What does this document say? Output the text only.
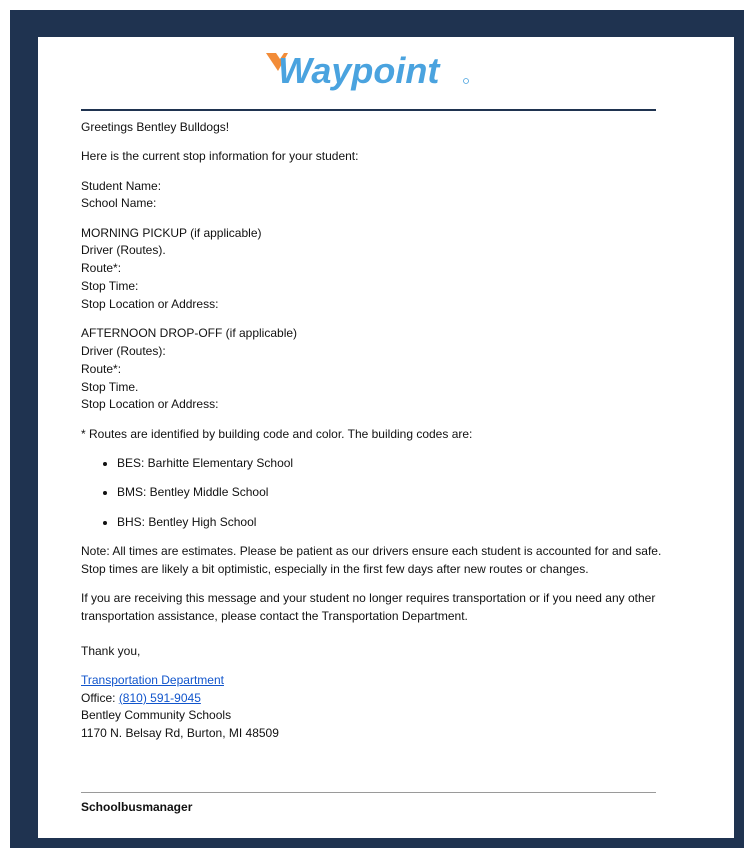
Waypoint

Greetings Bentley Bulldogs!

Here is the current stop information for your student:

Student Name:

School Name:

MORNING PICKUP (if applicable)

Driver (Routes).

Route*:

Stop Time:

Stop Location or Address:

AFTERNOON DROP-OFF (if applicable)

Driver (Routes):

Route*:

Stop Time.

Stop Location or Address:

* Routes are identified by building code and color. The building codes are:

• BES: Barhitte Elementary School
• BMS: Bentley Middle School
• BHS: Bentley High School

Note: All times are estimates. Please be patient as our drivers ensure each student is accounted for and safe.

Stop times are likely a bit optimistic, especially in the first few days after new routes or changes.

If you are receiving this message and your student no longer requires transportation or if you need any other

transportation assistance, please contact the Transportation Department.

Thank you,

Transportation Department

Office: (810) 591-9045

Bentley Community Schools

1170 N. Belsay Rd, Burton, MI 48509

Schoolbusmanager
